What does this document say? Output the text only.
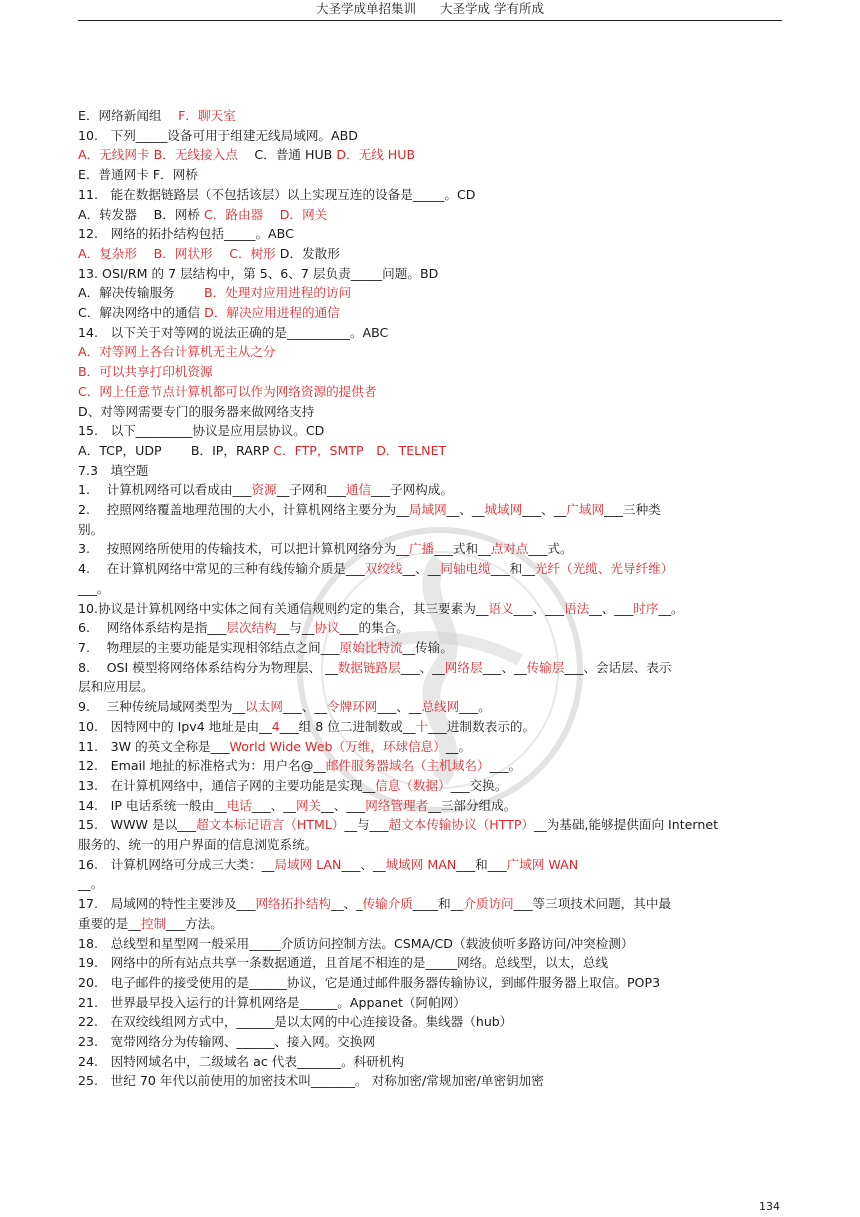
大圣学成单招集训 大圣学成 学有所成

E．网络新闻组　 F．聊天室

10.　下列_____设备可用于组建无线局域网。ABD

A．无线网卡 B．无线接入点　 C．普通 HUB D．无线 HUB

E．普通网卡 F．网桥

11.　能在数据链路层（不包括该层）以上实现互连的设备是_____。CD

A．转发器　 B．网桥 C．路由器　 D．网关

12.　网络的拓扑结构包括_____。ABC

A．复杂形　 B．网状形　 C．树形 D．发散形

13. OSI/RM 的 7 层结构中，第 5、6、7 层负责_____问题。BD

A．解决传输服务　　 B．处理对应用进程的访问

C．解决网络中的通信 D．解决应用进程的通信

14.　以下关于对等网的说法正确的是__________。ABC

A．对等网上各台计算机无主从之分

B．可以共享打印机资源

C．网上任意节点计算机都可以作为网络资源的提供者

D、对等网需要专门的服务器来做网络支持

15.　以下_________协议是应用层协议。CD

A．TCP，UDP　　 B．IP，RARP C．FTP，SMTP　D．TELNET

7.3　填空题

1.　 计算机网络可以看成由___资源__子网和___通信___子网构成。

2.　 控照网络覆盖地理范围的大小，计算机网络主要分为__局域网__、__城域网___、__广域网___三种类

别。

3.　 按照网络所使用的传输技术，可以把计算机网络分为__广播___式和__点对点___式。

4.　 在计算机网络中常见的三种有线传输介质是___双绞线__、__同轴电缆___和__光纤（光缆、光导纤维）

___。

10.协议是计算机网络中实体之间有关通信规则约定的集合，其三要素为__语义___、___语法__、___时序__。

6.　 网络体系结构是指___层次结构__与__协议___的集合。

7.　 物理层的主要功能是实现相邻结点之间___原始比特流__传输。

8.　 OSI 模型将网络体系结构分为物理层、 __数据链路层___、__网络层___、__传输层___、会话层、表示

层和应用层。

9.　 三种传统局域网类型为__以太网___、__令牌环网___、__总线网___。

10.　因特网中的 Ipv4 地址是由__4___组 8 位二进制数或__十___进制数表示的。

11.　3W 的英文全称是___World Wide Web（万维，环球信息）__。

12.　Email 地扯的标准格式为：用户名@__邮件服务器域名（主机域名）___。

13.　在计算机网络中，通信子网的主要功能是实现__信息（数据）___交换。

14.　IP 电话系统一般由__电话___、__网关__、___网络管理者__三部分组成。

15.　WWW 是以___超文本标记语言（HTML）__与___超文本传输协议（HTTP）__为基础,能够提供面向 Internet

服务的、统一的用户界面的信息浏览系统。

16.　计算机网络可分成三大类：__局域网 LAN___、__城域网 MAN___和___广域网 WAN

__。

17.　局域网的特性主要涉及___网络拓扑结构__、_传输介质____和__介质访问___等三项技术问题，其中最

重要的是__控制___方法。

18.　总线型和星型网一般采用_____介质访问控制方法。CSMA/CD（载波侦听多路访问/冲突检测）

19.　网络中的所有站点共享一条数据通道，且首尾不相连的是_____网络。总线型，以太，总线

20.　电子邮件的接受使用的是______协议，它是通过邮件服务器传输协议，到邮件服务器上取信。POP3

21.　世界最早投入运行的计算机网络是______。Appanet（阿帕网）

22.　在双绞线组网方式中，______是以太网的中心连接设备。集线器（hub）

23.　宽带网络分为传输网、______、接入网。交换网

24.　因特网域名中，二级域名 ac 代表_______。科研机构

25.　世纪 70 年代以前使用的加密技术叫_______。 对称加密/常规加密/单密钥加密

134
